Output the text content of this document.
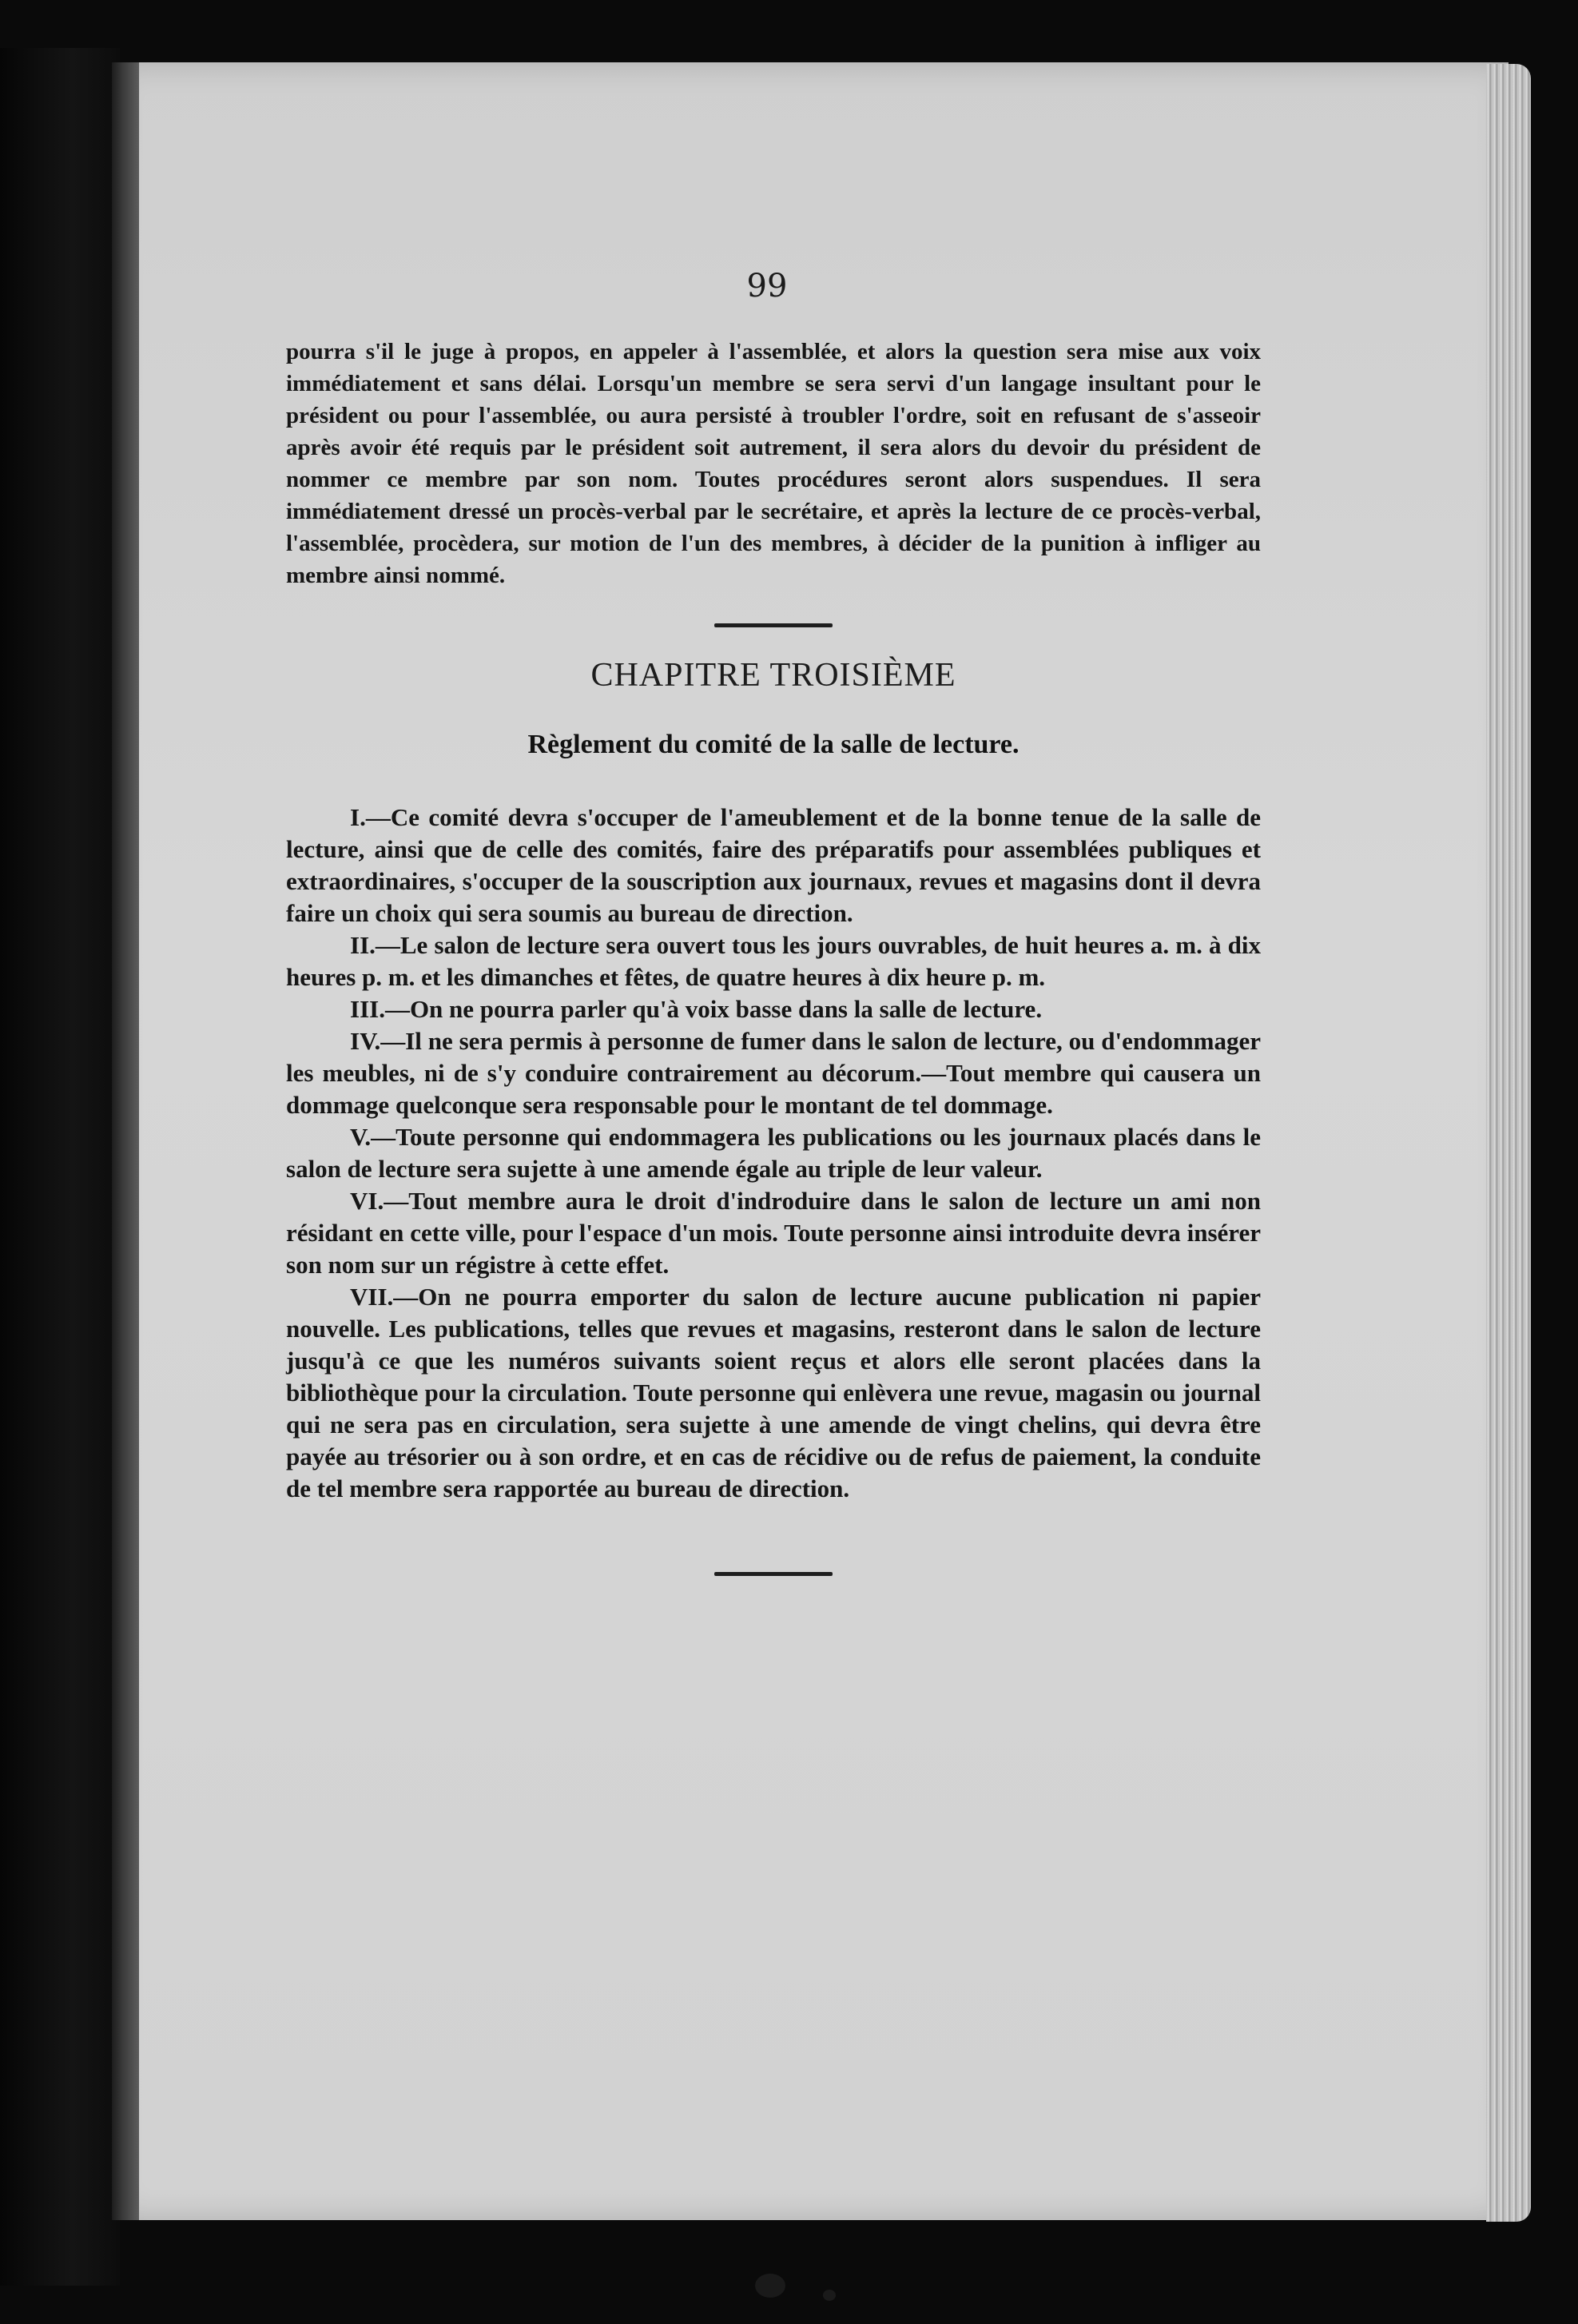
99

pourra s'il le juge à propos, en appeler à l'assemblée, et alors la question sera mise aux voix immédiatement et sans délai. Lorsqu'un membre se sera servi d'un langage insultant pour le président ou pour l'assemblée, ou aura persisté à troubler l'ordre, soit en refusant de s'asseoir après avoir été requis par le président soit autrement, il sera alors du devoir du président de nommer ce membre par son nom. Toutes procédures seront alors suspendues. Il sera immédiatement dressé un procès-verbal par le secrétaire, et après la lecture de ce procès-verbal, l'assemblée, procèdera, sur motion de l'un des membres, à décider de la punition à infliger au membre ainsi nommé.

CHAPITRE TROISIÈME
Règlement du comité de la salle de lecture.

I.—Ce comité devra s'occuper de l'ameublement et de la bonne tenue de la salle de lecture, ainsi que de celle des comités, faire des préparatifs pour assemblées publiques et extraordinaires, s'occuper de la souscription aux journaux, revues et magasins dont il devra faire un choix qui sera soumis au bureau de direction.

II.—Le salon de lecture sera ouvert tous les jours ouvrables, de huit heures a. m. à dix heures p. m. et les dimanches et fêtes, de quatre heures à dix heure p. m.

III.—On ne pourra parler qu'à voix basse dans la salle de lecture.

IV.—Il ne sera permis à personne de fumer dans le salon de lecture, ou d'endommager les meubles, ni de s'y conduire contrairement au décorum.—Tout membre qui causera un dommage quelconque sera responsable pour le montant de tel dommage.

V.—Toute personne qui endommagera les publications ou les journaux placés dans le salon de lecture sera sujette à une amende égale au triple de leur valeur.

VI.—Tout membre aura le droit d'indroduire dans le salon de lecture un ami non résidant en cette ville, pour l'espace d'un mois. Toute personne ainsi introduite devra insérer son nom sur un régistre à cette effet.

VII.—On ne pourra emporter du salon de lecture aucune publication ni papier nouvelle. Les publications, telles que revues et magasins, resteront dans le salon de lecture jusqu'à ce que les numéros suivants soient reçus et alors elle seront placées dans la bibliothèque pour la circulation. Toute personne qui enlèvera une revue, magasin ou journal qui ne sera pas en circulation, sera sujette à une amende de vingt chelins, qui devra être payée au trésorier ou à son ordre, et en cas de récidive ou de refus de paiement, la conduite de tel membre sera rapportée au bureau de direction.
